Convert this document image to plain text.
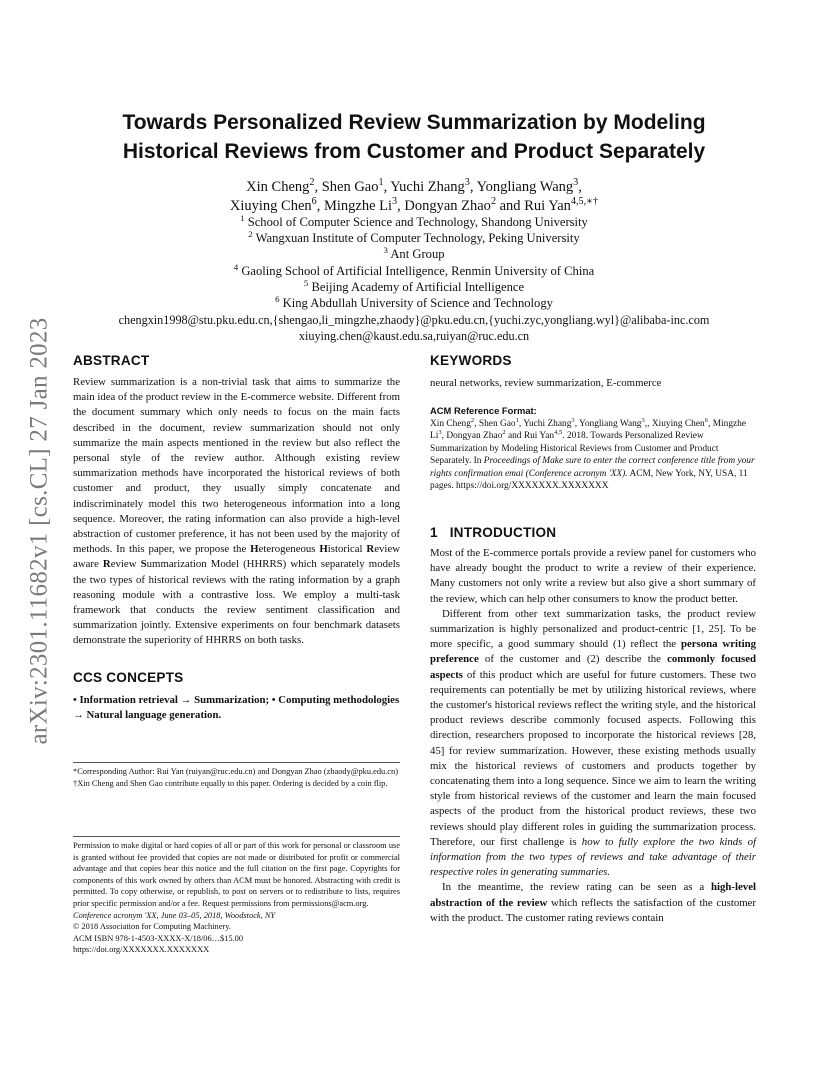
arXiv:2301.11682v1 [cs.CL] 27 Jan 2023
Towards Personalized Review Summarization by Modeling
Historical Reviews from Customer and Product Separately
Xin Cheng$^2$, Shen Gao$^1$, Yuchi Zhang$^3$, Yongliang Wang$^3$,
Xiuying Chen$^6$, Mingzhe Li$^3$, Dongyan Zhao$^2$ and Rui Yan$^{4,5,∗\dagger}$
$^1$ School of Computer Science and Technology, Shandong University
$^2$ Wangxuan Institute of Computer Technology, Peking University
$^3$ Ant Group
$^4$ Gaoling School of Artificial Intelligence, Renmin University of China
$^5$ Beijing Academy of Artificial Intelligence
$^6$ King Abdullah University of Science and Technology
chengxin1998@stu.pku.edu.cn,{shengao,li_mingzhe,zhaody}@pku.edu.cn,{yuchi.zyc,yongliang.wyl}@alibaba-inc.com
xiuying.chen@kaust.edu.sa,ruiyan@ruc.edu.cn
ABSTRACT
Review summarization is a non-trivial task that aims to summarize the main idea of the product review in the E-commerce website. Different from the document summary which only needs to focus on the main facts described in the document, review summarization should not only summarize the main aspects mentioned in the review but also reflect the personal style of the review author. Although existing review summarization methods have incorporated the historical reviews of both customer and product, they usually simply concatenate and indiscriminately model this two heterogeneous information into a long sequence. Moreover, the rating information can also provide a high-level abstraction of customer preference, it has not been used by the majority of methods. In this paper, we propose the Heterogeneous Historical Review aware Review Summarization Model (HHRRS) which separately models the two types of historical reviews with the rating information by a graph reasoning module with a contrastive loss. We employ a multi-task framework that conducts the review sentiment classification and summarization jointly. Extensive experiments on four benchmark datasets demonstrate the superiority of HHRRS on both tasks.
CCS CONCEPTS
• Information retrieval → Summarization; • Computing methodologies → Natural language generation.

*Corresponding Author: Rui Yan (ruiyan@ruc.edu.cn) and Dongyan Zhao (zhaody@pku.edu.cn)

†Xin Cheng and Shen Gao contribute equally to this paper. Ordering is decided by a coin flip.

Permission to make digital or hard copies of all or part of this work for personal or classroom use is granted without fee provided that copies are not made or distributed for profit or commercial advantage and that copies bear this notice and the full citation on the first page. Copyrights for components of this work owned by others than ACM must be honored. Abstracting with credit is permitted. To copy otherwise, or republish, to post on servers or to redistribute to lists, requires prior specific permission and/or a fee. Request permissions from permissions@acm.org.

Conference acronym 'XX, June 03–05, 2018, Woodstock, NY

© 2018 Association for Computing Machinery.

ACM ISBN 978-1-4503-XXXX-X/18/06…$15.00

https://doi.org/XXXXXXX.XXXXXXX

KEYWORDS
neural networks, review summarization, E-commerce
ACM Reference Format:
Xin Cheng$^2$, Shen Gao$^1$, Yuchi Zhang$^3$, Yongliang Wang$^3$,, Xiuying Chen$^6$, Mingzhe Li$^3$, Dongyan Zhao$^2$ and Rui Yan$^{4,5}$. 2018. Towards Personalized Review Summarization by Modeling Historical Reviews from Customer and Product Separately. In Proceedings of Make sure to enter the correct conference title from your rights confirmation emai (Conference acronym 'XX). ACM, New York, NY, USA, 11 pages. https://doi.org/XXXXXXX.XXXXXXX
1 INTRODUCTION

Most of the E-commerce portals provide a review panel for customers who have already bought the product to write a review of their experience. Many customers not only write a review but also give a short summary of the review, which can help other consumers to know the product better.

Different from other text summarization tasks, the product review summarization is highly personalized and product-centric [1, 25]. To be more specific, a good summary should (1) reflect the persona writing preference of the customer and (2) describe the commonly focused aspects of this product which are useful for future customers. These two requirements can potentially be met by utilizing historical reviews, where the customer's historical reviews reflect the writing style, and the historical product reviews describe commonly focused aspects. Following this direction, researchers proposed to incorporate the historical reviews [28, 45] for review summarization. However, these existing methods usually mix the historical reviews of customers and products together by concatenating them into a long sequence. Since we aim to learn the writing style from historical reviews of the customer and learn the main focused aspects of the product from the historical product reviews, these two reviews should play different roles in guiding the summarization process. Therefore, our first challenge is how to fully explore the two kinds of information from the two types of reviews and take advantage of their respective roles in generating summaries.

In the meantime, the review rating can be seen as a high-level abstraction of the review which reflects the satisfaction of the customer with the product. The customer rating reviews contain
